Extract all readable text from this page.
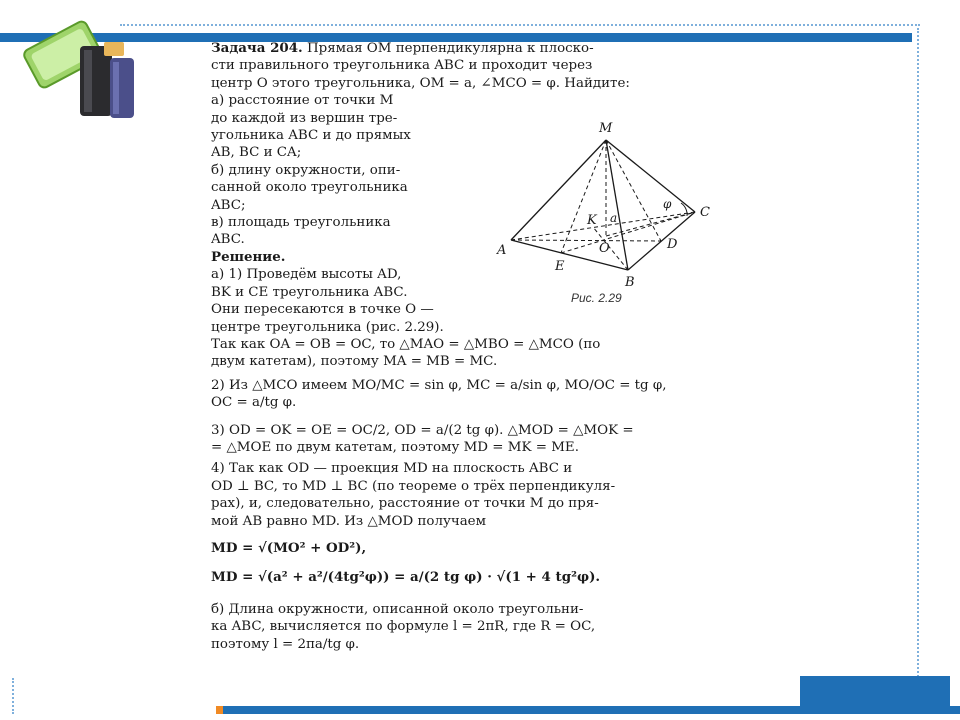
Задача 204. Прямая OM перпендикулярна к плоско-

сти правильного треугольника ABC и проходит через

центр O этого треугольника, OM = a, ∠MCO = φ. Найдите:

а) расстояние от точки M

до каждой из вершин тре-

угольника ABC и до прямых

AB, BC и CA;

б) длину окружности, опи-

санной около треугольника

ABC;

в) площадь треугольника

ABC.

Решение.

а) 1) Проведём высоты AD,

BK и CE треугольника ABC.

Они пересекаются в точке O —

центре треугольника (рис. 2.29).

Так как OA = OB = OC, то △MAO = △MBO = △MCO (по

двум катетам), поэтому MA = MB = MC.

2) Из △MCO имеем MO/MC = sin φ, MC = a/sin φ, MO/OC = tg φ,

OC = a/tg φ.

3) OD = OK = OE = OC/2, OD = a/(2 tg φ). △MOD = △MOK =

= △MOE по двум катетам, поэтому MD = MK = ME.

4) Так как OD — проекция MD на плоскость ABC и

OD ⊥ BC, то MD ⊥ BC (по теореме о трёх перпендикуля-

рах), и, следовательно, расстояние от точки M до пря-

мой AB равно MD. Из △MOD получаем

MD = √(MO² + OD²),

MD = √(a² + a²/(4tg²φ)) = a/(2 tg φ) · √(1 + 4 tg²φ).

б) Длина окружности, описанной около треугольни-

ка ABC, вычисляется по формуле l = 2πR, где R = OC,

поэтому l = 2πa/tg φ.

M
A
B
C
D
E
K
O
a
φ
Рис. 2.29
